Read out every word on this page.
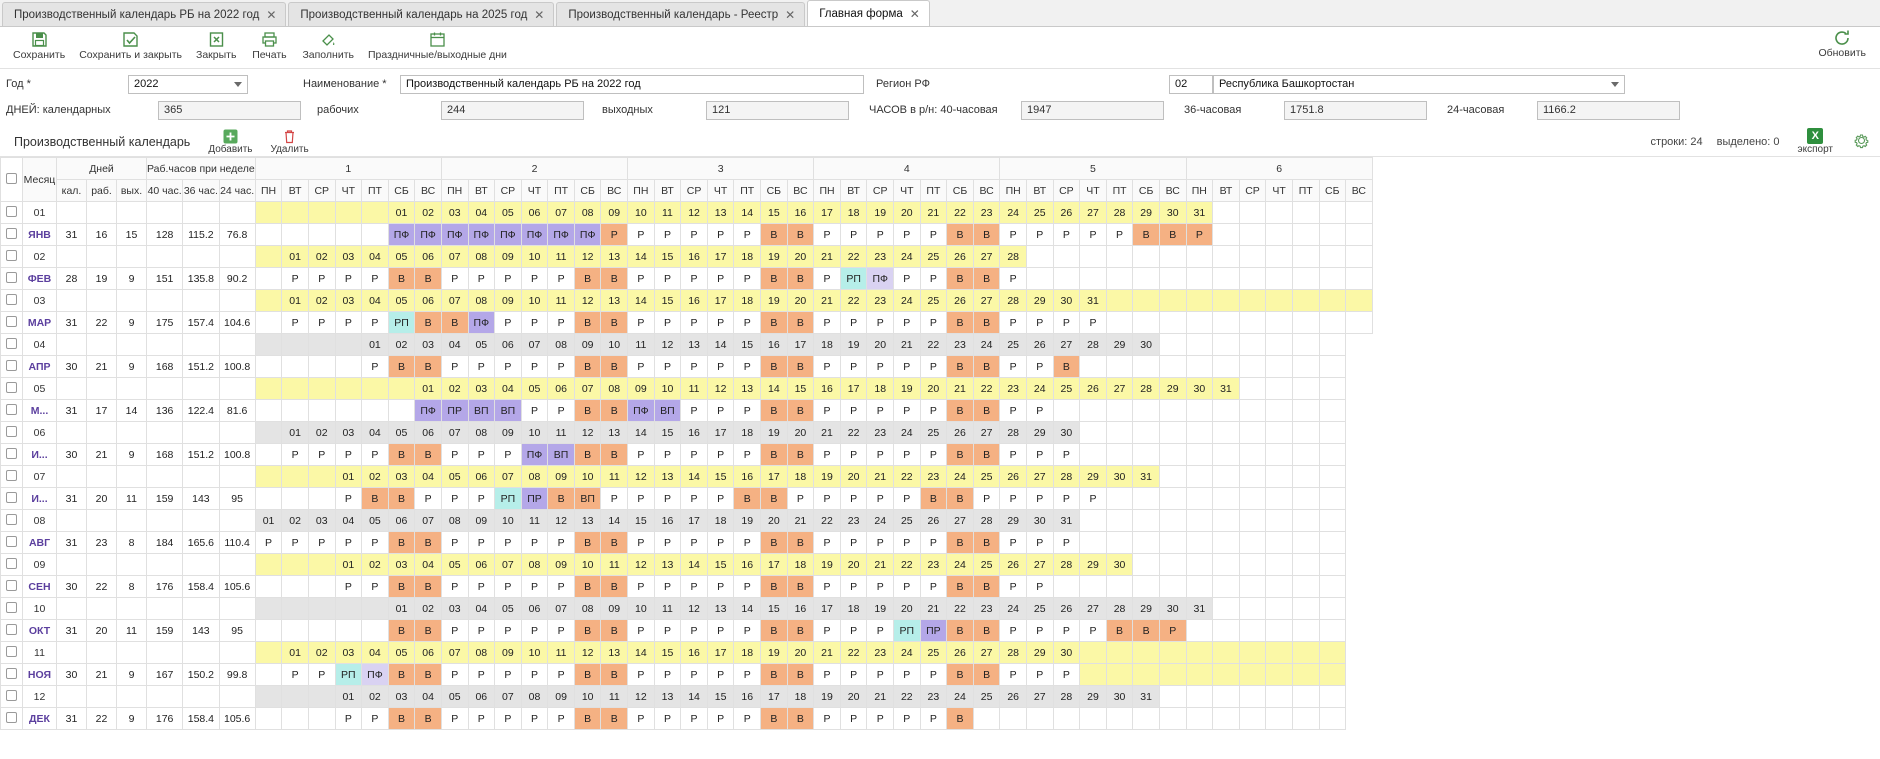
Производственный календарь РБ на 2022 год ✕ Производственный календарь на 2025 год ✕ Производственный календарь - Реестр ✕ Главная форма ✕
Сохранить Сохранить и закрыть Закрыть Печать Заполнить Праздничные/выходные дни	Обновить
Год *	2022	Наименование *	Производственный календарь РБ на 2022 год	Регион РФ	02	Республика Башкортостан
ДНЕЙ: календарных	365	рабочих	244	выходных	121	ЧАСОВ в р/н: 40-часовая	1947	36-часовая	1751.8	24-часовая	1166.2
Производственный календарь
Добавить Удалить
строки: 24 выделено: 0	X
экспорт
	Месяц	Дней			Раб.часов при неделе			1							2							3							4							5							6						
		кал.	раб.	вых.	40 час.	36 час.	24 час.	ПН	ВТ	СР	ЧТ	ПТ	СБ	ВС	ПН	ВТ	СР	ЧТ	ПТ	СБ	ВС	ПН	ВТ	СР	ЧТ	ПТ	СБ	ВС	ПН	ВТ	СР	ЧТ	ПТ	СБ	ВС	ПН	ВТ	СР	ЧТ	ПТ	СБ	ВС	ПН	ВТ	СР	ЧТ	ПТ	СБ	ВС
	01												01	02	03	04	05	06	07	08	09	10	11	12	13	14	15	16	17	18	19	20	21	22	23	24	25	26	27	28	29	30	31						
	ЯНВ	31	16	15	128	115.2	76.8						ПФ	ПФ	ПФ	ПФ	ПФ	ПФ	ПФ	ПФ	Р	Р	Р	Р	Р	Р	В	В	Р	Р	Р	Р	Р	В	В	Р	Р	Р	Р	Р	В	В	Р						
	02								01	02	03	04	05	06	07	08	09	10	11	12	13	14	15	16	17	18	19	20	21	22	23	24	25	26	27	28													
	ФЕВ	28	19	9	151	135.8	90.2		Р	Р	Р	Р	В	В	Р	Р	Р	Р	Р	В	В	Р	Р	Р	Р	Р	В	В	Р	РП	ПФ	Р	Р	В	В	Р													
	03								01	02	03	04	05	06	07	08	09	10	11	12	13	14	15	16	17	18	19	20	21	22	23	24	25	26	27	28	29	30	31										
	МАР	31	22	9	175	157.4	104.6		Р	Р	Р	Р	РП	В	В	ПФ	Р	Р	Р	В	В	Р	Р	Р	Р	Р	В	В	Р	Р	Р	Р	Р	В	В	Р	Р	Р	Р										
	04											01	02	03	04	05	06	07	08	09	10	11	12	13	14	15	16	17	18	19	20	21	22	23	24	25	26	27	28	29	30								
	АПР	30	21	9	168	151.2	100.8					Р	В	В	Р	Р	Р	Р	Р	В	В	Р	Р	Р	Р	Р	В	В	Р	Р	Р	Р	Р	В	В	Р	Р	В											
	05													01	02	03	04	05	06	07	08	09	10	11	12	13	14	15	16	17	18	19	20	21	22	23	24	25	26	27	28	29	30	31					
	М...	31	17	14	136	122.4	81.6							ПФ	ПР	ВП	ВП	Р	Р	В	В	ПФ	ВП	Р	Р	Р	В	В	Р	Р	Р	Р	Р	В	В	Р	Р												
	06								01	02	03	04	05	06	07	08	09	10	11	12	13	14	15	16	17	18	19	20	21	22	23	24	25	26	27	28	29	30											
	И...	30	21	9	168	151.2	100.8		Р	Р	Р	Р	В	В	Р	Р	Р	ПФ	ВП	В	В	Р	Р	Р	Р	Р	В	В	Р	Р	Р	Р	Р	В	В	Р	Р	Р											
	07										01	02	03	04	05	06	07	08	09	10	11	12	13	14	15	16	17	18	19	20	21	22	23	24	25	26	27	28	29	30	31								
	И...	31	20	11	159	143	95				Р	В	В	Р	Р	Р	РП	ПР	В	ВП	Р	Р	Р	Р	Р	В	В	Р	Р	Р	Р	Р	В	В	Р	Р	Р	Р	Р										
	08							01	02	03	04	05	06	07	08	09	10	11	12	13	14	15	16	17	18	19	20	21	22	23	24	25	26	27	28	29	30	31											
	АВГ	31	23	8	184	165.6	110.4	Р	Р	Р	Р	Р	В	В	Р	Р	Р	Р	Р	В	В	Р	Р	Р	Р	Р	В	В	Р	Р	Р	Р	Р	В	В	Р	Р	Р											
	09										01	02	03	04	05	06	07	08	09	10	11	12	13	14	15	16	17	18	19	20	21	22	23	24	25	26	27	28	29	30									
	СЕН	30	22	8	176	158.4	105.6				Р	Р	В	В	Р	Р	Р	Р	Р	В	В	Р	Р	Р	Р	Р	В	В	Р	Р	Р	Р	Р	В	В	Р	Р												
	10												01	02	03	04	05	06	07	08	09	10	11	12	13	14	15	16	17	18	19	20	21	22	23	24	25	26	27	28	29	30	31						
	ОКТ	31	20	11	159	143	95						В	В	Р	Р	Р	Р	Р	В	В	Р	Р	Р	Р	Р	В	В	Р	Р	Р	РП	ПР	В	В	Р	Р	Р	Р	В	В	Р							
	11								01	02	03	04	05	06	07	08	09	10	11	12	13	14	15	16	17	18	19	20	21	22	23	24	25	26	27	28	29	30											
	НОЯ	30	21	9	167	150.2	99.8		Р	Р	РП	ПФ	В	В	Р	Р	Р	Р	Р	В	В	Р	Р	Р	Р	Р	В	В	Р	Р	Р	Р	Р	В	В	Р	Р	Р											
	12										01	02	03	04	05	06	07	08	09	10	11	12	13	14	15	16	17	18	19	20	21	22	23	24	25	26	27	28	29	30	31								
	ДЕК	31	22	9	176	158.4	105.6				Р	Р	В	В	Р	Р	Р	Р	Р	В	В	Р	Р	Р	Р	Р	В	В	Р	Р	Р	Р	Р	В															
